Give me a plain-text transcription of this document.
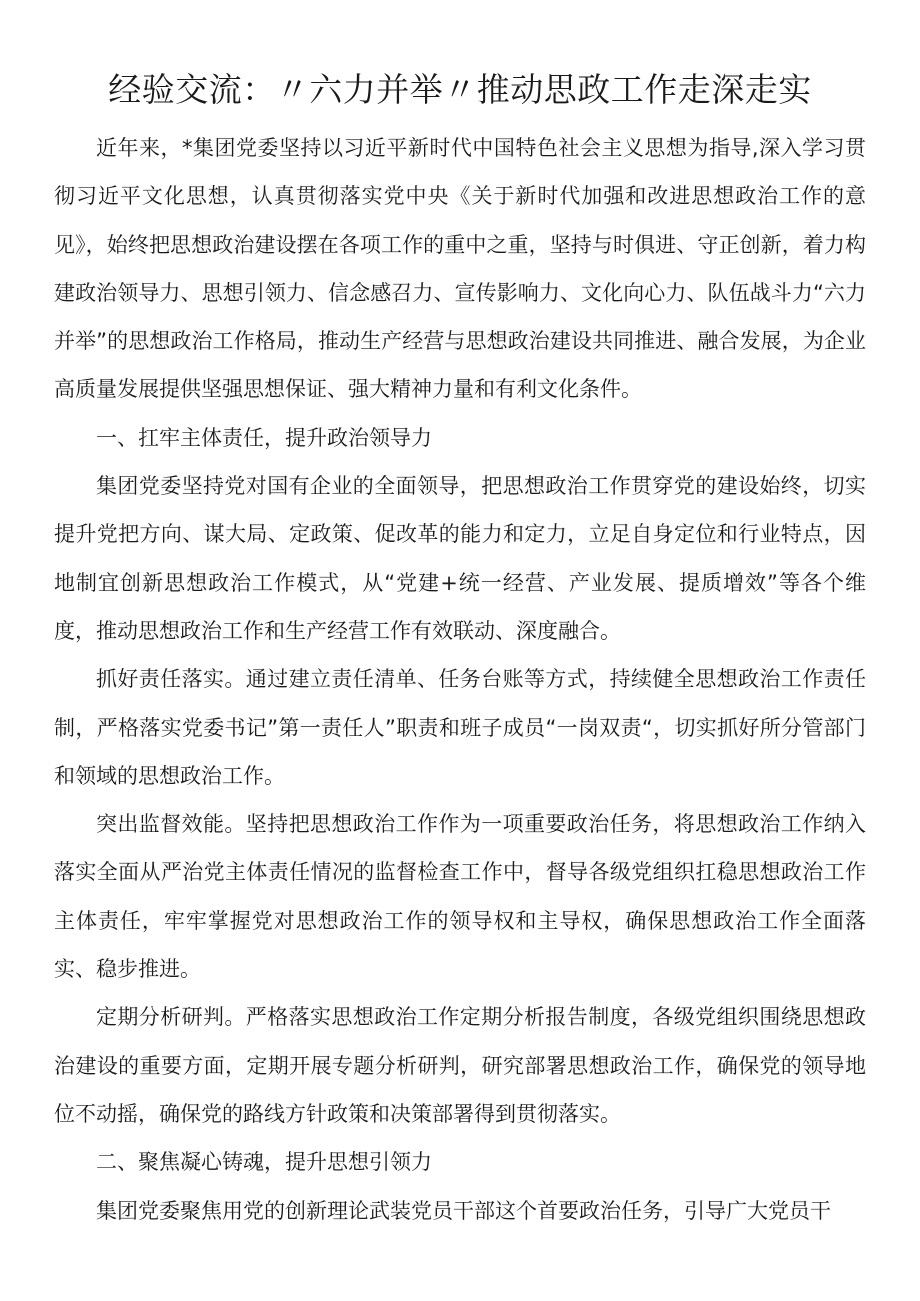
经验交流：〃六力并举〃推动思政工作走深走实

近年来，*集团党委坚持以习近平新时代中国特色社会主义思想为指导,深入学习贯彻习近平文化思想，认真贯彻落实党中央《关于新时代加强和改进思想政治工作的意见》，始终把思想政治建设摆在各项工作的重中之重，坚持与时俱进、守正创新，着力构建政治领导力、思想引领力、信念感召力、宣传影响力、文化向心力、队伍战斗力“六力并举”的思想政治工作格局，推动生产经营与思想政治建设共同推进、融合发展，为企业高质量发展提供坚强思想保证、强大精神力量和有利文化条件。

一、扛牢主体责任，提升政治领导力

集团党委坚持党对国有企业的全面领导，把思想政治工作贯穿党的建设始终，切实提升党把方向、谋大局、定政策、促改革的能力和定力，立足自身定位和行业特点，因地制宜创新思想政治工作模式，从“党建+统一经营、产业发展、提质增效”等各个维度，推动思想政治工作和生产经营工作有效联动、深度融合。

抓好责任落实。通过建立责任清单、任务台账等方式，持续健全思想政治工作责任制，严格落实党委书记”第一责任人”职责和班子成员“一岗双责“，切实抓好所分管部门和领域的思想政治工作。

突出监督效能。坚持把思想政治工作作为一项重要政治任务，将思想政治工作纳入落实全面从严治党主体责任情况的监督检查工作中，督导各级党组织扛稳思想政治工作主体责任，牢牢掌握党对思想政治工作的领导权和主导权，确保思想政治工作全面落实、稳步推进。

定期分析研判。严格落实思想政治工作定期分析报告制度，各级党组织围绕思想政治建设的重要方面，定期开展专题分析研判，研究部署思想政治工作，确保党的领导地位不动摇，确保党的路线方针政策和决策部署得到贯彻落实。

二、聚焦凝心铸魂，提升思想引领力

集团党委聚焦用党的创新理论武装党员干部这个首要政治任务，引导广大党员干
